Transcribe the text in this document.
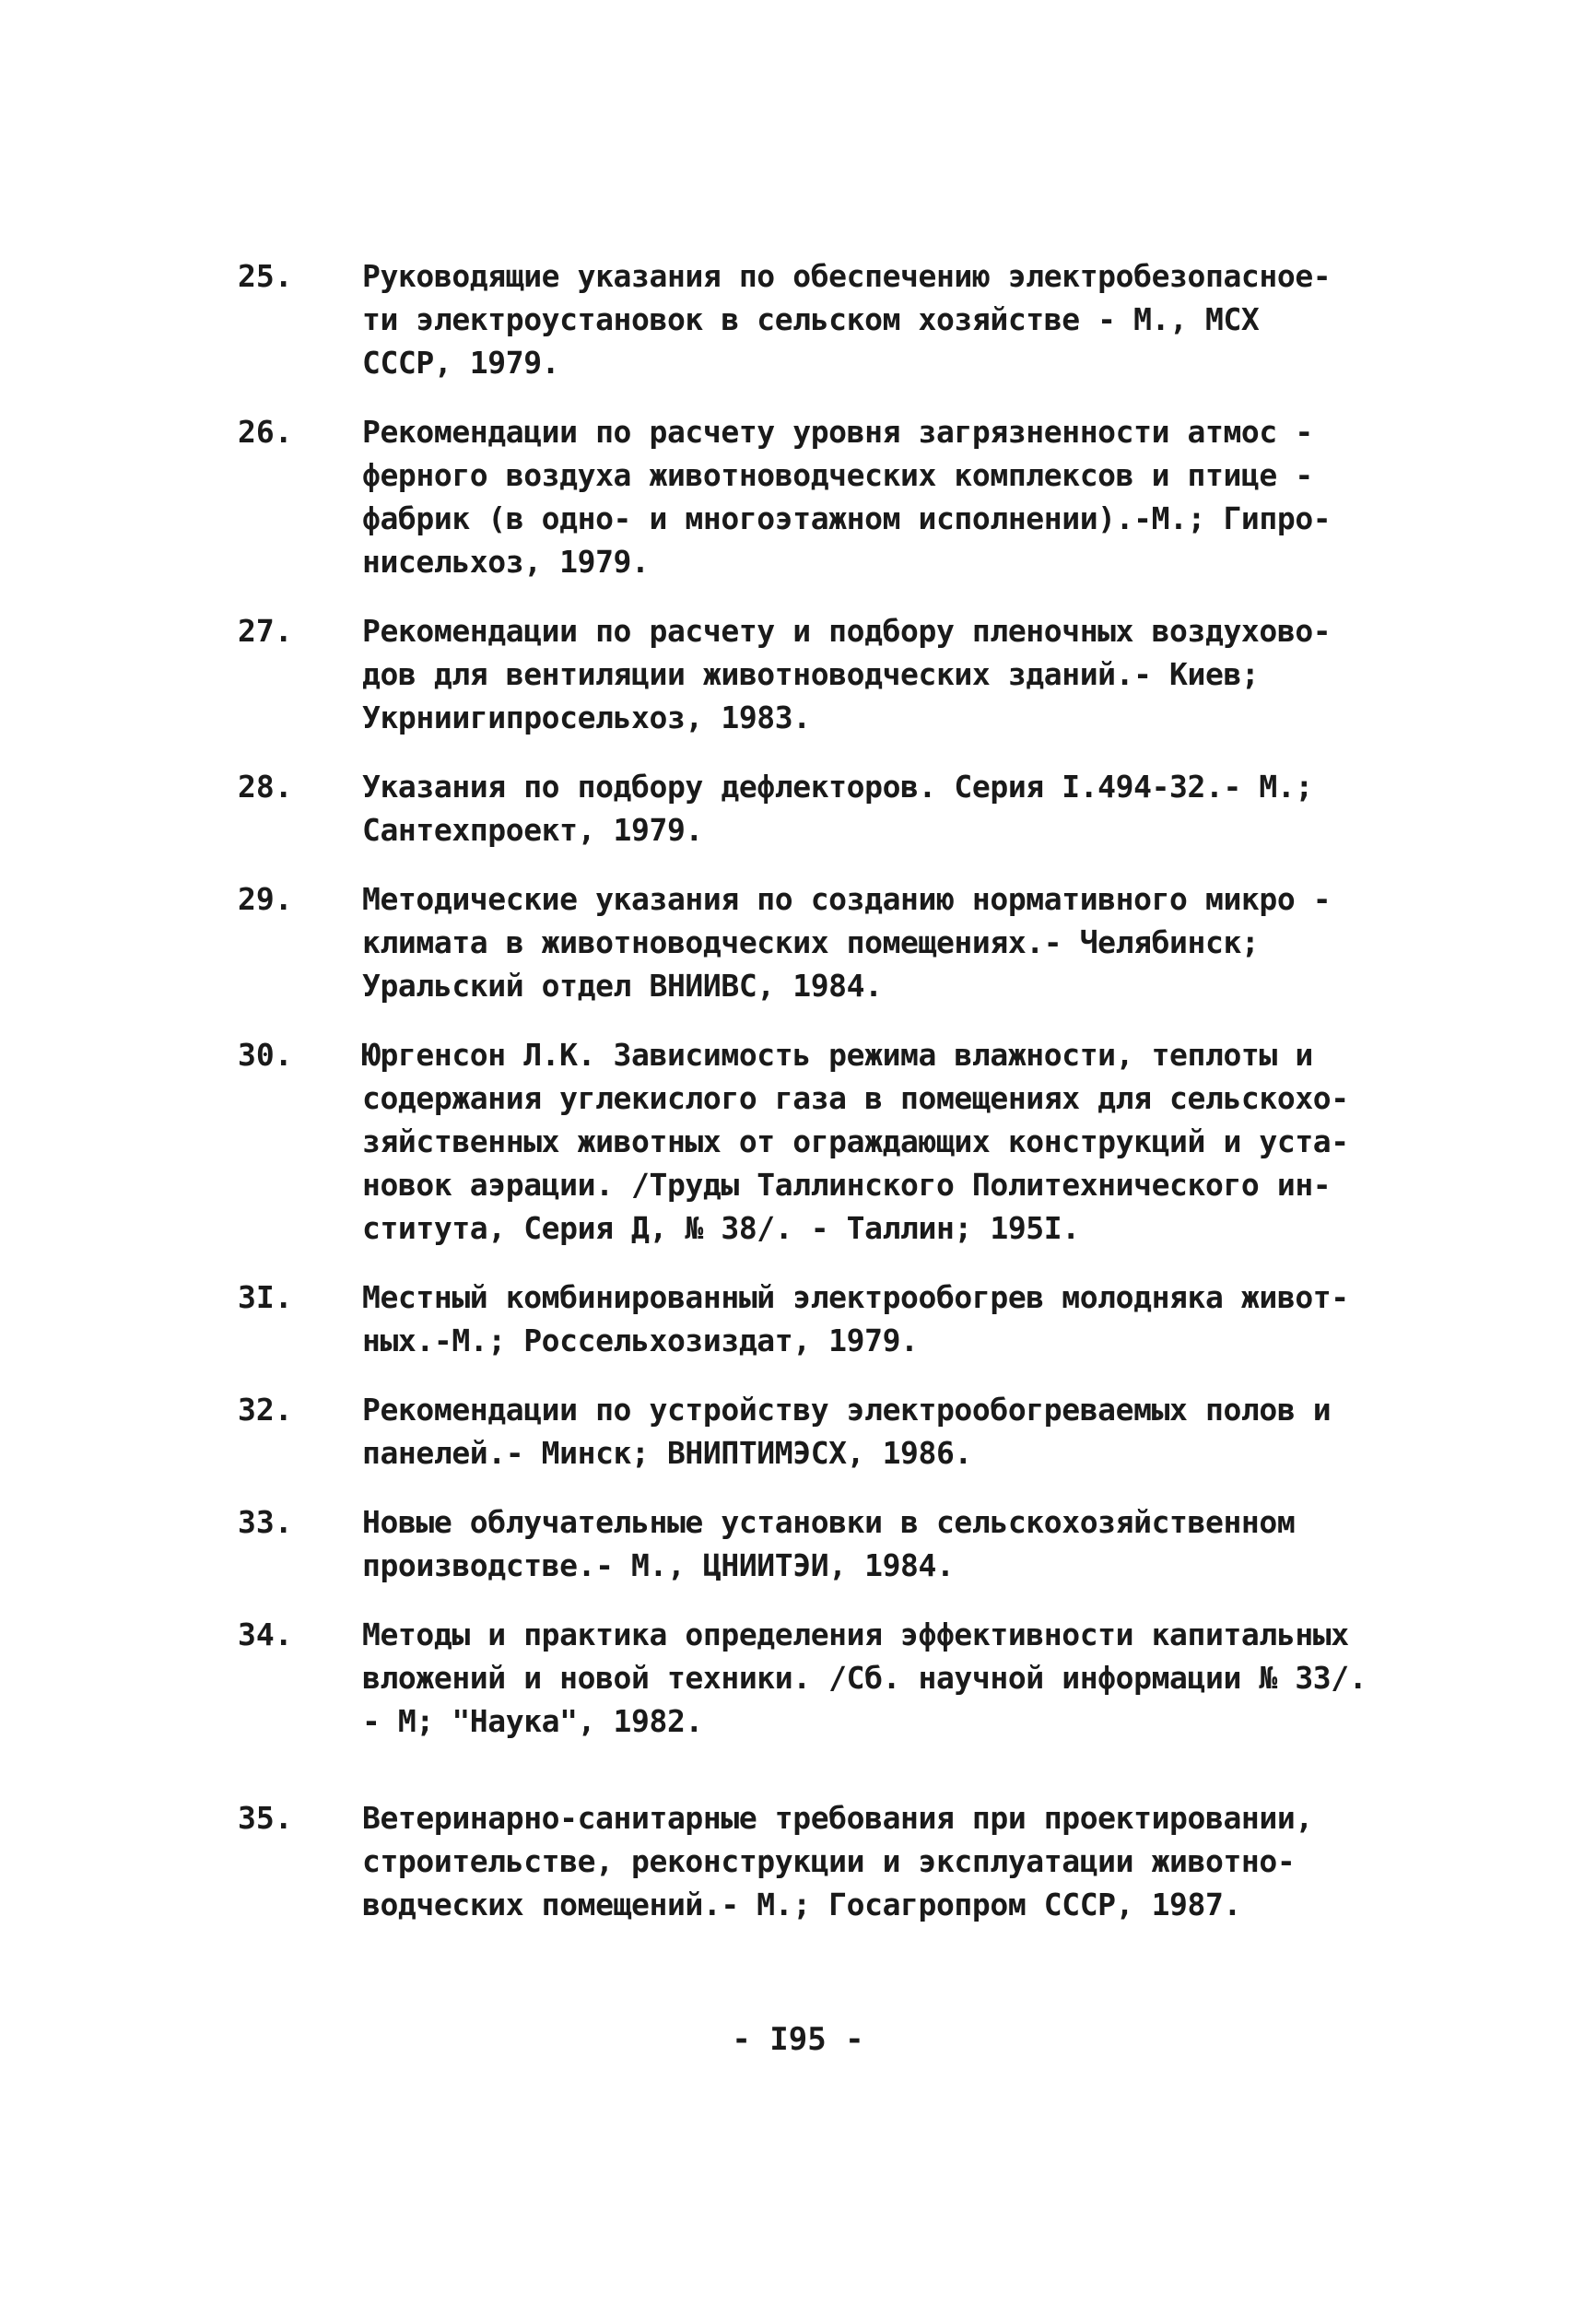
25. Руководящие указания по обеспечению электробезопасное-
ти электроустановок в сельском хозяйстве - М., МСХ
СССР, 1979.
26. Рекомендации по расчету уровня загрязненности атмос -
ферного воздуха животноводческих комплексов и птице -
фабрик (в одно- и многоэтажном исполнении).-М.; Гипро-
нисельхоз, 1979.
27. Рекомендации по расчету и подбору пленочных воздухово-
дов для вентиляции животноводческих зданий.- Киев;
Укрниигипросельхоз, 1983.
28. Указания по подбору дефлекторов. Серия I.494-32.- М.;
Сантехпроект, 1979.
29. Методические указания по созданию нормативного микро -
климата в животноводческих помещениях.- Челябинск;
Уральский отдел ВНИИВС, 1984.
30. Юргенсон Л.К. Зависимость режима влажности, теплоты и
содержания углекислого газа в помещениях для сельскохо-
зяйственных животных от ограждающих конструкций и уста-
новок аэрации. /Труды Таллинского Политехнического ин-
ститута, Серия Д, № 38/. - Таллин; 195I.
3I. Местный комбинированный электрообогрев молодняка живот-
ных.-М.; Россельхозиздат, 1979.
32. Рекомендации по устройству электрообогреваемых полов и
панелей.- Минск; ВНИПТИМЭСХ, 1986.
33. Новые облучательные установки в сельскохозяйственном
производстве.- М., ЦНИИТЭИ, 1984.
34. Методы и практика определения эффективности капитальных
вложений и новой техники. /Сб. научной информации № 33/.
- М; "Наука", 1982.
35. Ветеринарно-санитарные требования при проектировании,
строительстве, реконструкции и эксплуатации животно-
водческих помещений.- М.; Госагропром СССР, 1987.
- I95 -
